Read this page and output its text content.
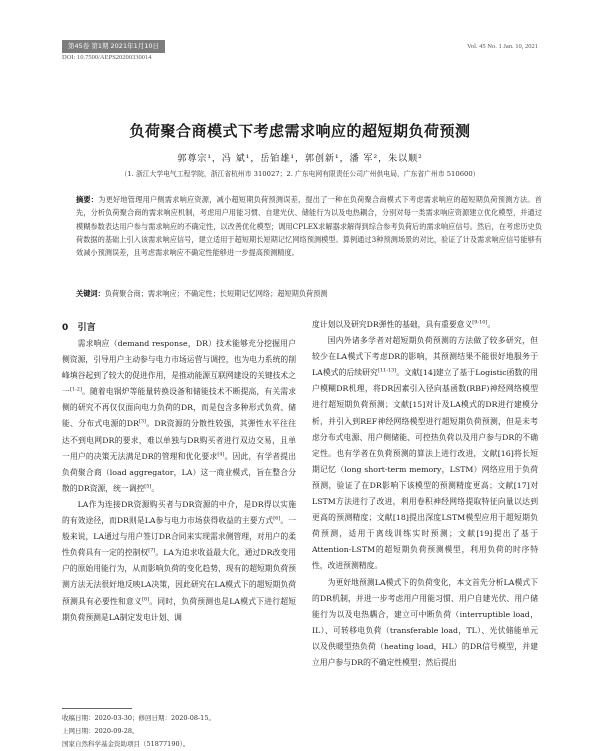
第45卷 第1期 2021年1月10日	Vol. 45 No. 1 Jan. 10, 2021
DOI: 10.7500/AEPS20200330014
负荷聚合商模式下考虑需求响应的超短期负荷预测
郭尊宗¹，冯 斌¹，岳铂雄¹，郭创新¹，潘 军²，朱以顺²
（1. 浙江大学电气工程学院，浙江省杭州市 310027；2. 广东电网有限责任公司广州供电局，广东省广州市 510600）
摘要：为更好地管理用户侧需求响应资源，减小超短期负荷预测误差，提出了一种在负荷聚合商模式下考虑需求响应的超短期负荷预测方法。首先，分析负荷聚合商的需求响应机制，考虑用户用能习惯、自建光伏、储能行为以及电热耦合，分别对每一类需求响应资源建立优化模型，并通过模糊参数表达用户参与需求响应的不确定性，以改善优化模型；调用CPLEX求解器求解得到综合参考负荷后的需求响应信号。然后，在考虑历史负荷数据的基础上引入该需求响应信号，建立适用于超短期长短期记忆网络预测模型。算例通过3种预测场景的对比，验证了计及需求响应信号能够有效减小预测误差，且考虑需求响应不确定性能够进一步提高预测精度。
关键词：负荷聚合商；需求响应；不确定性；长短期记忆网络；超短期负荷预测
0 引言

需求响应（demand response，DR）技术能够充分挖掘用户侧资源，引导用户主动参与电力市场运营与调控，也为电力系统的削峰填谷起到了较大的促进作用，是推动能源互联网建设的关键技术之一[1-2]。随着电锅炉等能量转换设备和储能技术不断提高，有关需求侧的研究不再仅仅面向电力负荷的DR，而是包含多种形式负荷、储能、分布式电源的DR[3]。DR资源的分散性较强，其弹性水平往往达不到电网DR的要求，难以单独与DR购买者进行双边交易，且单一用户的决策无法满足DR的管理和优化要求[4]。因此，有学者提出负荷聚合商（load aggregator，LA）这一商业模式，旨在整合分散的DR资源，统一调控[5]。

LA作为连接DR资源购买者与DR资源的中介，是DR得以实施的有效途径，而DR则是LA参与电力市场获得收益的主要方式[6]。一般来说，LA通过与用户签订DR合同来实现需求侧管理，对用户的柔性负荷具有一定的控制权[7]。LA为追求收益最大化，通过DR改变用户的原始用能行为，从而影响负荷的变化趋势，现有的超短期负荷预测方法无法很好地反映LA决策，因此研究在LA模式下的超短期负荷预测具有必要性和意义[8]。同时，负荷预测也是LA模式下进行超短期负荷预测是LA制定发电计划、调

度计划以及研究DR弹性的基础，具有重要意义[9-10]。

国内外诸多学者对超短期负荷预测的方法做了较多研究，但较少在LA模式下考虑DR的影响，其预测结果不能很好地服务于LA模式的后续研究[11-13]。文献[14]建立了基于Logistic函数的用户模糊DR机理，将DR因素引入径向基函数(RBF)神经网络模型进行超短期负荷预测；文献[15]对计及LA模式的DR进行建模分析，并引入到REF神经网络模型进行超短期负荷预测，但是未考虑分布式电源、用户侧储能、可控热负荷以及用户参与DR的不确定性。也有学者在负荷预测的算法上进行改进，文献[16]将长短期记忆（long short-term memory，LSTM）网络应用于负荷预测，验证了在DR影响下该模型的预测精度更高；文献[17]对LSTM方法进行了改进，利用卷积神经网络提取特征向量以达到更高的预测精度；文献[18]提出深度LSTM模型应用于超短期负荷预测，适用于离线训练实时预测；文献[19]提出了基于Attention-LSTM的超短期负荷预测模型，利用负荷的时序特性，改进预测精度。

为更好地预测LA模式下的负荷变化，本文首先分析LA模式下的DR机制，并进一步考虑用户用能习惯、用户自建光伏、用户储能行为以及电热耦合，建立可中断负荷（interruptible load，IL）、可转移电负荷（transferable load，TL）、光伏储能单元以及供暖型热负荷（heating load，HL）的DR信号模型，并建立用户参与DR的不确定性模型；然后提出

收稿日期：2020-03-30；修回日期：2020-08-15。
上网日期：2020-09-28。
国家自然科学基金资助项目（51877190）。
